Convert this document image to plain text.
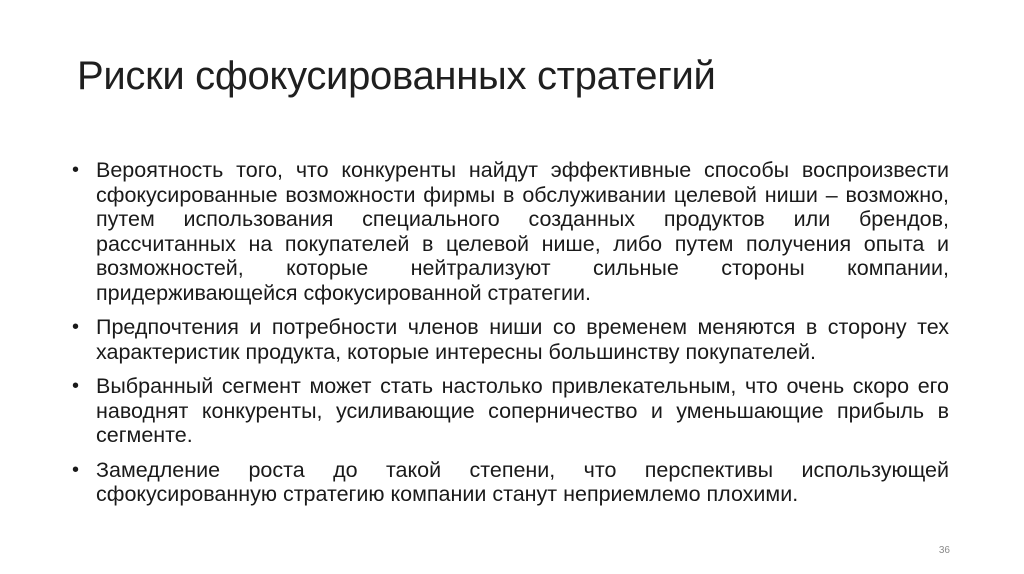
Риски сфокусированных стратегий
• Вероятность того, что конкуренты найдут эффективные способы воспроизвести сфокусированные возможности фирмы в обслуживании целевой ниши – возможно, путем использования специального созданных продуктов или брендов, рассчитанных на покупателей в целевой нише, либо путем получения опыта и возможностей, которые нейтрализуют сильные стороны компании, придерживающейся сфокусированной стратегии.
• Предпочтения и потребности членов ниши со временем меняются в сторону тех характеристик продукта, которые интересны большинству покупателей.
• Выбранный сегмент может стать настолько привлекательным, что очень скоро его наводнят конкуренты, усиливающие соперничество и уменьшающие прибыль в сегменте.
• Замедление роста до такой степени, что перспективы использующей сфокусированную стратегию компании станут неприемлемо плохими.
36
